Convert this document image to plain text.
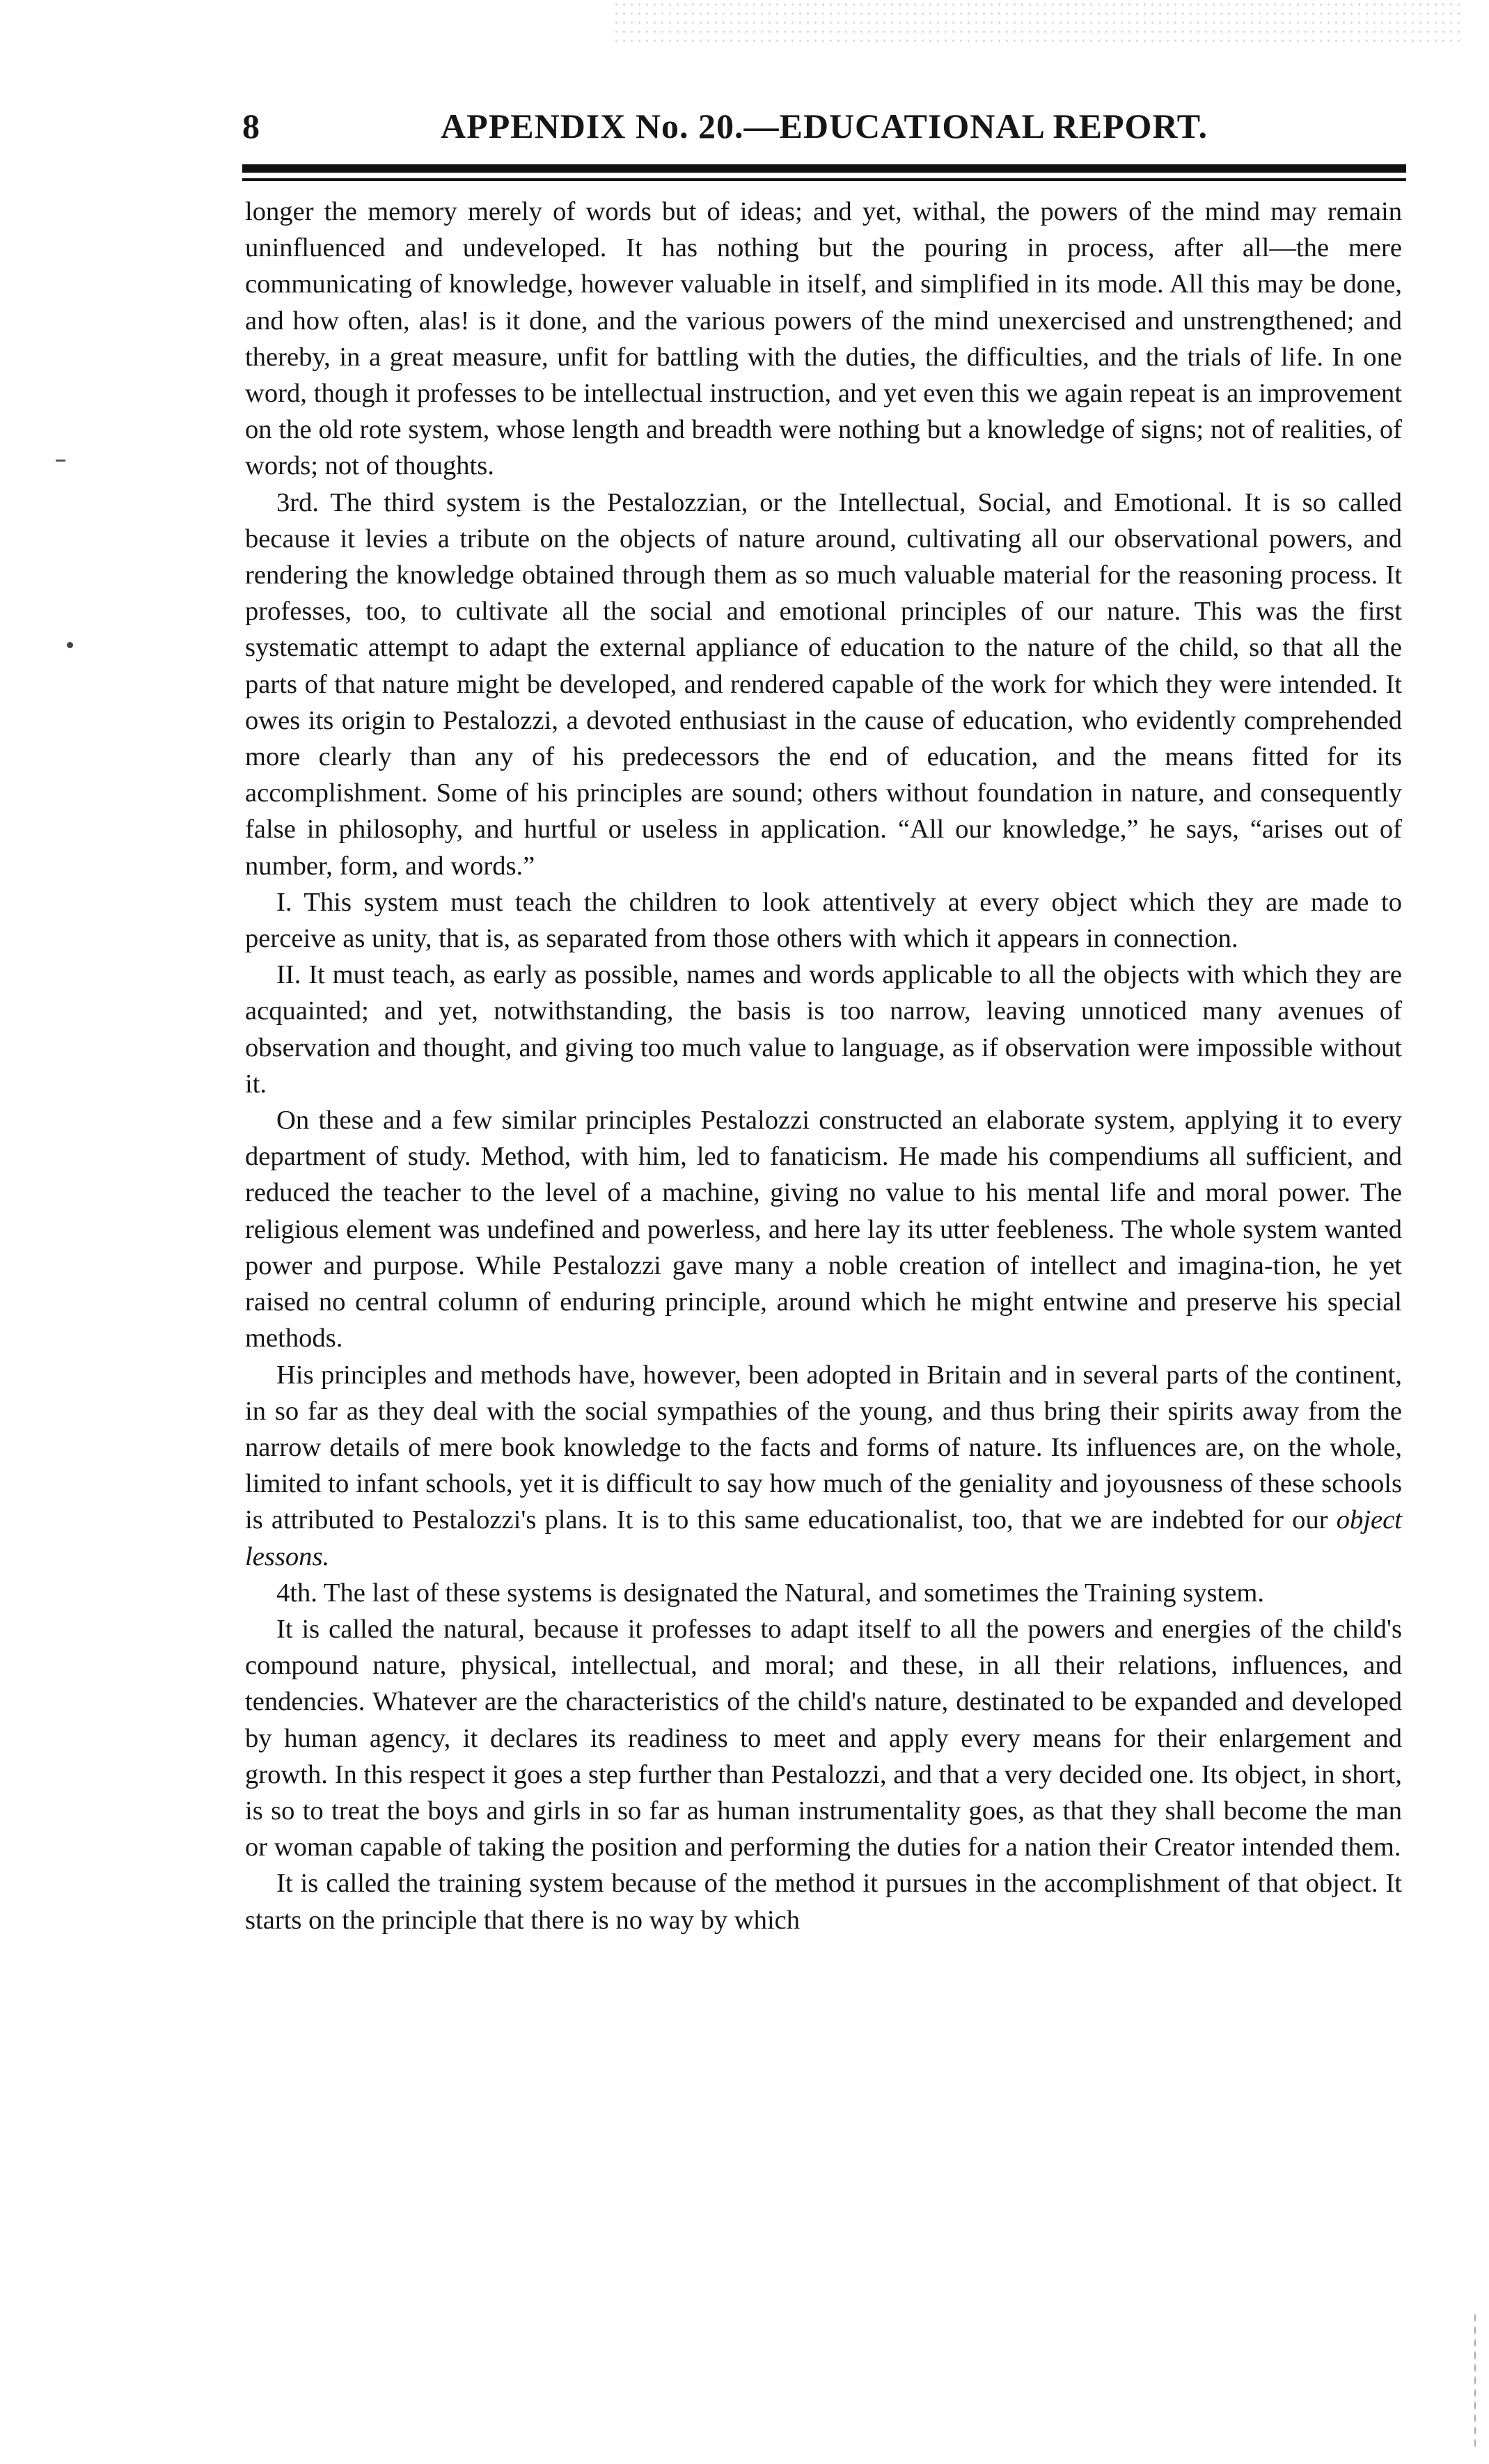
8	APPENDIX No. 20.—EDUCATIONAL REPORT.

longer the memory merely of words but of ideas; and yet, withal, the powers of the mind may remain uninfluenced and undeveloped. It has nothing but the pouring in process, after all—the mere communicating of knowledge, however valuable in itself, and simplified in its mode. All this may be done, and how often, alas! is it done, and the various powers of the mind unexercised and unstrengthened; and thereby, in a great measure, unfit for battling with the duties, the difficulties, and the trials of life. In one word, though it professes to be intellectual instruction, and yet even this we again repeat is an improvement on the old rote system, whose length and breadth were nothing but a knowledge of signs; not of realities, of words; not of thoughts.

3rd. The third system is the Pestalozzian, or the Intellectual, Social, and Emotional. It is so called because it levies a tribute on the objects of nature around, cultivating all our observational powers, and rendering the knowledge obtained through them as so much valuable material for the reasoning process. It professes, too, to cultivate all the social and emotional principles of our nature. This was the first systematic attempt to adapt the external appliance of education to the nature of the child, so that all the parts of that nature might be developed, and rendered capable of the work for which they were intended. It owes its origin to Pestalozzi, a devoted enthusiast in the cause of education, who evidently comprehended more clearly than any of his predecessors the end of education, and the means fitted for its accomplishment. Some of his principles are sound; others without foundation in nature, and consequently false in philosophy, and hurtful or useless in application. “All our knowledge,” he says, “arises out of number, form, and words.”

I. This system must teach the children to look attentively at every object which they are made to perceive as unity, that is, as separated from those others with which it appears in connection.

II. It must teach, as early as possible, names and words applicable to all the objects with which they are acquainted; and yet, notwithstanding, the basis is too narrow, leaving unnoticed many avenues of observation and thought, and giving too much value to language, as if observation were impossible without it.

On these and a few similar principles Pestalozzi constructed an elaborate system, applying it to every department of study. Method, with him, led to fanaticism. He made his compendiums all sufficient, and reduced the teacher to the level of a machine, giving no value to his mental life and moral power. The religious element was undefined and powerless, and here lay its utter feebleness. The whole system wanted power and purpose. While Pestalozzi gave many a noble creation of intellect and imagina-tion, he yet raised no central column of enduring principle, around which he might entwine and preserve his special methods.

His principles and methods have, however, been adopted in Britain and in several parts of the continent, in so far as they deal with the social sympathies of the young, and thus bring their spirits away from the narrow details of mere book knowledge to the facts and forms of nature. Its influences are, on the whole, limited to infant schools, yet it is difficult to say how much of the geniality and joyousness of these schools is attributed to Pestalozzi's plans. It is to this same educationalist, too, that we are indebted for our object lessons.

4th. The last of these systems is designated the Natural, and sometimes the Training system.

It is called the natural, because it professes to adapt itself to all the powers and energies of the child's compound nature, physical, intellectual, and moral; and these, in all their relations, influences, and tendencies. Whatever are the characteristics of the child's nature, destinated to be expanded and developed by human agency, it declares its readiness to meet and apply every means for their enlargement and growth. In this respect it goes a step further than Pestalozzi, and that a very decided one. Its object, in short, is so to treat the boys and girls in so far as human instrumentality goes, as that they shall become the man or woman capable of taking the position and performing the duties for a nation their Creator intended them.

It is called the training system because of the method it pursues in the accomplishment of that object. It starts on the principle that there is no way by which
